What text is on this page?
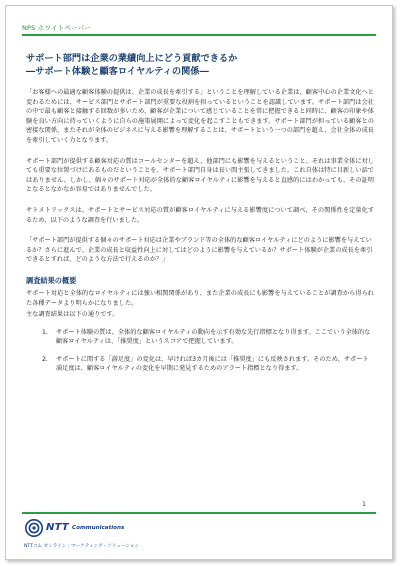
NPS ホワイトペーパー
サポート部門は企業の業績向上にどう貢献できるか
―サポート体験と顧客ロイヤルティの関係―

「お客様への最適な顧客体験の提供は、企業の成長を牽引する」ということを理解している企業は、顧客中心の企業文化へと変わるためには、サービス部門とサポート部門が重要な役割を担っているということを認識しています。サポート部門は会社の中で最も顧客と接触する回数が多いため、顧客が企業について感じていることを常に把握できると同時に、顧客の印象や体験を良い方向に持っていくように自らの施策展開によって変化を起こすこともできます。サポート部門が担っている顧客との密接な関係、またそれが全体のビジネスに与える影響を理解することは、サポートという一つの部門を超え、会社全体の成長を牽引していく力となります。

サポート部門が提供する顧客対応の質はコールセンターを超え、他部門にも影響を与えるということ、それは事業全体に対しても重要な位置づけにあるものだということを、サポート部門自身は長い間主張してきました。これ自体は特に目新しい話ではありません。しかし、個々のサポート対応が全体的な顧客ロイヤルティに影響を与えると直感的にはわかっても、その証明となるとなかなか容易ではありませんでした。

サトメトリックスは、サポートとサービス対応の質が顧客ロイヤルティに与える影響度について調べ、その関係性を定量化するため、以下のような調査を行いました。

「サポート部門が提供する個々のサポート対応は企業やブランド等の全体的な顧客ロイヤルティにどのように影響を与えているか？さらに進んで、企業の成長と収益性向上に対してはどのように影響を与えているか？サポート体験が企業の成長を牽引できるとすれば、どのような方法で行えるのか？」

調査結果の概要

サポート対応と全体的なロイヤルティには強い相関関係があり、また企業の成長にも影響を与えていることが調査から得られた各種データより明らかになりました。

主な調査結果は以下の通りです。

1.	サポート体験の質は、全体的な顧客ロイヤルティの動向を示す有効な先行指標となり得ます。ここでいう全体的な顧客ロイヤルティは、「推奨度」というスコアで把握しています。
2.	サポートに関する「満足度」の変化は、早ければ3カ月後には「推奨度」にも反映されます。そのため、サポート満足度は、顧客ロイヤルティの変化を早期に発見するためのアラート指標となり得ます。
1
NTT Communications
NTTコム オンライン・マーケティング・ソリューション
